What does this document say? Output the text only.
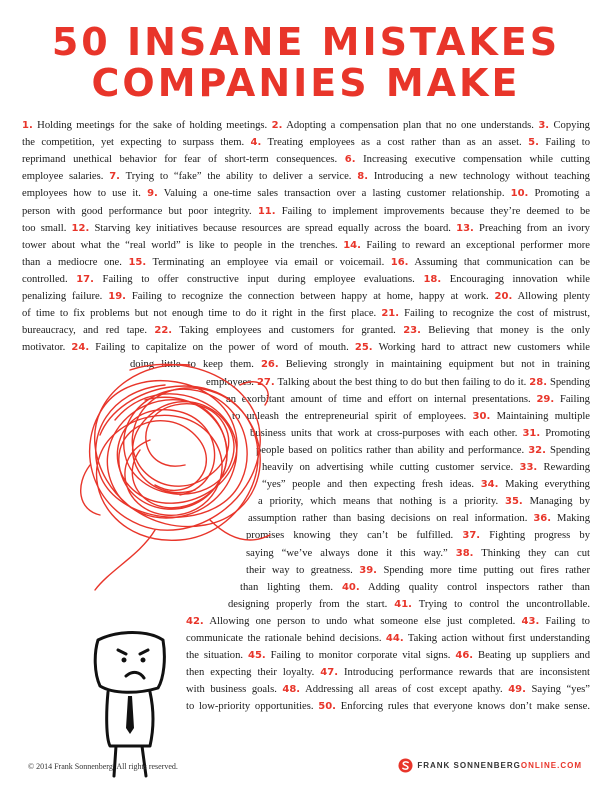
50 INSANE MISTAKES
COMPANIES MAKE
1. Holding meetings for the sake of holding meetings. 2. Adopting a compensation plan that no one understands. 3. Copying
the competition, yet expecting to surpass them. 4. Treating employees as a cost rather than as an asset. 5. Failing to
reprimand unethical behavior for fear of short-term consequences. 6. Increasing executive compensation while cutting
employee salaries. 7. Trying to “fake” the ability to deliver a service. 8. Introducing a new technology without teaching
employees how to use it. 9. Valuing a one-time sales transaction over a lasting customer relationship. 10. Promoting a
person with good performance but poor integrity. 11. Failing to implement improvements because they’re deemed to be
too small. 12. Starving key initiatives because resources are spread equally across the board. 13. Preaching from an ivory
tower about what the “real world” is like to people in the trenches. 14. Failing to reward an exceptional performer more
than a mediocre one. 15. Terminating an employee via email or voicemail. 16. Assuming that communication can be
controlled. 17. Failing to offer constructive input during employee evaluations. 18. Encouraging innovation while
penalizing failure. 19. Failing to recognize the connection between happy at home, happy at work. 20. Allowing plenty
of time to fix problems but not enough time to do it right in the first place. 21. Failing to recognize the cost of mistrust,
bureaucracy, and red tape. 22. Taking employees and customers for granted. 23. Believing that money is the only
motivator. 24. Failing to capitalize on the power of word of mouth. 25. Working hard to attract new customers while
doing little to keep them. 26. Believing strongly in maintaining equipment but not in training
employees. 27. Talking about the best thing to do but then failing to do it. 28. Spending
an exorbitant amount of time and effort on internal presentations. 29. Failing
to unleash the entrepreneurial spirit of employees. 30. Maintaining multiple
business units that work at cross-purposes with each other. 31. Promoting
people based on politics rather than ability and performance. 32. Spending
heavily on advertising while cutting customer service. 33. Rewarding
“yes” people and then expecting fresh ideas. 34. Making everything
a priority, which means that nothing is a priority. 35. Managing by
assumption rather than basing decisions on real information. 36. Making
promises knowing they can’t be fulfilled. 37. Fighting progress by
saying “we’ve always done it this way.” 38. Thinking they can cut
their way to greatness. 39. Spending more time putting out fires rather
than lighting them. 40. Adding quality control inspectors rather than
designing properly from the start. 41. Trying to control the uncontrollable.
42. Allowing one person to undo what someone else just completed. 43. Failing to
communicate the rationale behind decisions. 44. Taking action without first understanding
the situation. 45. Failing to monitor corporate vital signs. 46. Beating up suppliers and
then expecting their loyalty. 47. Introducing performance rewards that are inconsistent
with business goals. 48. Addressing all areas of cost except apathy. 49. Saying “yes”
to low-priority opportunities. 50. Enforcing rules that everyone knows don’t make sense.
© 2014 Frank Sonnenberg. All rights reserved.	FRANK SONNENBERGONLINE.COM
